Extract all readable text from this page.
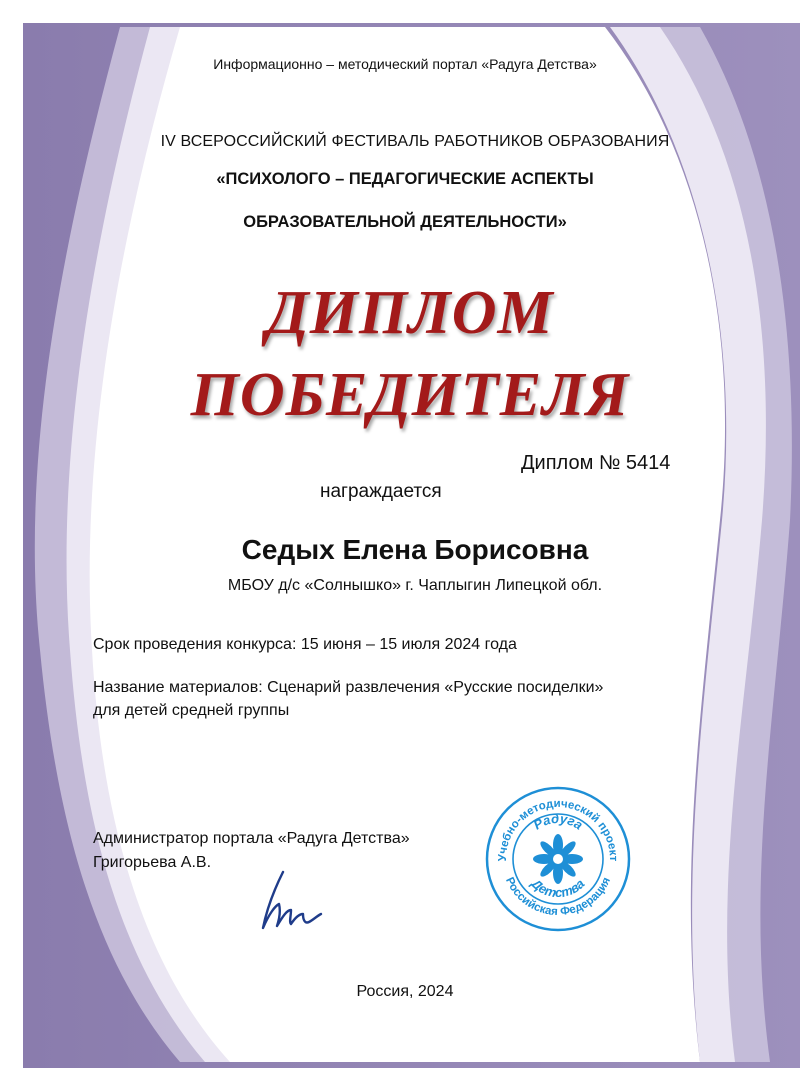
Информационно – методический портал «Радуга Детства»
IV ВСЕРОССИЙСКИЙ ФЕСТИВАЛЬ РАБОТНИКОВ ОБРАЗОВАНИЯ
«ПСИХОЛОГО – ПЕДАГОГИЧЕСКИЕ АСПЕКТЫ
ОБРАЗОВАТЕЛЬНОЙ ДЕЯТЕЛЬНОСТИ»
ДИПЛОМ
ПОБЕДИТЕЛЯ
Диплом № 5414
награждается
Седых Елена Борисовна
МБОУ д/с «Солнышко» г. Чаплыгин Липецкой обл.
Срок проведения конкурса: 15 июня – 15 июля 2024 года
Название материалов: Сценарий развлечения «Русские посиделки»
для детей средней группы
Администратор портала «Радуга Детства»
Григорьева А.В.	Учебно-методический проект
Российская Федерация
Радуга
Детства
Россия, 2024
